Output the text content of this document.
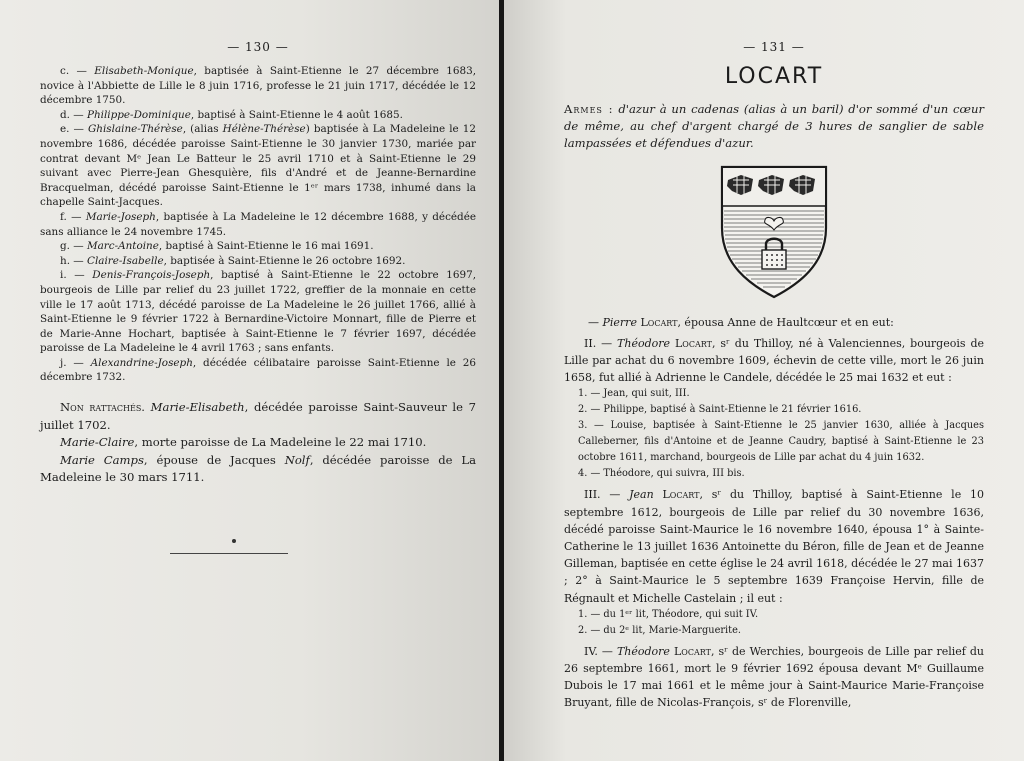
— 130 —

c. — Elisabeth-Monique, baptisée à Saint-Etienne le 27 décembre 1683, novice à l'Abbiette de Lille le 8 juin 1716, professe le 21 juin 1717, décédée le 12 décembre 1750.

d. — Philippe-Dominique, baptisé à Saint-Etienne le 4 août 1685.

e. — Ghislaine-Thérèse, (alias Hélène-Thérèse) baptisée à La Madeleine le 12 novembre 1686, décédée paroisse Saint-Etienne le 30 janvier 1730, mariée par contrat devant Mᵉ Jean Le Batteur le 25 avril 1710 et à Saint-Etienne le 29 suivant avec Pierre-Jean Ghesquière, fils d'André et de Jeanne-Bernardine Bracquelman, décédé paroisse Saint-Etienne le 1ᵉʳ mars 1738, inhumé dans la chapelle Saint-Jacques.

f. — Marie-Joseph, baptisée à La Madeleine le 12 décembre 1688, y décédée sans alliance le 24 novembre 1745.

g. — Marc-Antoine, baptisé à Saint-Etienne le 16 mai 1691.

h. — Claire-Isabelle, baptisée à Saint-Etienne le 26 octobre 1692.

i. — Denis-François-Joseph, baptisé à Saint-Etienne le 22 octobre 1697, bourgeois de Lille par relief du 23 juillet 1722, greffier de la monnaie en cette ville le 17 août 1713, décédé paroisse de La Madeleine le 26 juillet 1766, allié à Saint-Etienne le 9 février 1722 à Bernardine-Victoire Monnart, fille de Pierre et de Marie-Anne Hochart, baptisée à Saint-Etienne le 7 février 1697, décédée paroisse de La Madeleine le 4 avril 1763 ; sans enfants.

j. — Alexandrine-Joseph, décédée célibataire paroisse Saint-Etienne le 26 décembre 1732.

Non rattachés. Marie-Elisabeth, décédée paroisse Saint-Sauveur le 7 juillet 1702.

Marie-Claire, morte paroisse de La Madeleine le 22 mai 1710.

Marie Camps, épouse de Jacques Nolf, décédée paroisse de La Madeleine le 30 mars 1711.

— 131 —
LOCART

Armes : d'azur à un cadenas (alias à un baril) d'or sommé d'un cœur de même, au chef d'argent chargé de 3 hures de sanglier de sable lampassées et défendues d'azur.

— Pierre Locart, épousa Anne de Haultcœur et en eut:

II. — Théodore Locart, sʳ du Thilloy, né à Valenciennes, bourgeois de Lille par achat du 6 novembre 1609, échevin de cette ville, mort le 26 juin 1658, fut allié à Adrienne le Candele, décédée le 25 mai 1632 et eut :

1. — Jean, qui suit, III.

2. — Philippe, baptisé à Saint-Etienne le 21 février 1616.

3. — Louise, baptisée à Saint-Etienne le 25 janvier 1630, alliée à Jacques Calleberner, fils d'Antoine et de Jeanne Caudry, baptisé à Saint-Etienne le 23 octobre 1611, marchand, bourgeois de Lille par achat du 4 juin 1632.

4. — Théodore, qui suivra, III bis.

III. — Jean Locart, sʳ du Thilloy, baptisé à Saint-Etienne le 10 septembre 1612, bourgeois de Lille par relief du 30 novembre 1636, décédé paroisse Saint-Maurice le 16 novembre 1640, épousa 1° à Sainte-Catherine le 13 juillet 1636 Antoinette du Béron, fille de Jean et de Jeanne Gilleman, baptisée en cette église le 24 avril 1618, décédée le 27 mai 1637 ; 2° à Saint-Maurice le 5 septembre 1639 Françoise Hervin, fille de Régnault et Michelle Castelain ; il eut :

1. — du 1ᵉʳ lit, Théodore, qui suit IV.

2. — du 2ᵉ lit, Marie-Marguerite.

IV. — Théodore Locart, sʳ de Werchies, bourgeois de Lille par relief du 26 septembre 1661, mort le 9 février 1692 épousa devant Mᵉ Guillaume Dubois le 17 mai 1661 et le même jour à Saint-Maurice Marie-Françoise Bruyant, fille de Nicolas-François, sʳ de Florenville,
